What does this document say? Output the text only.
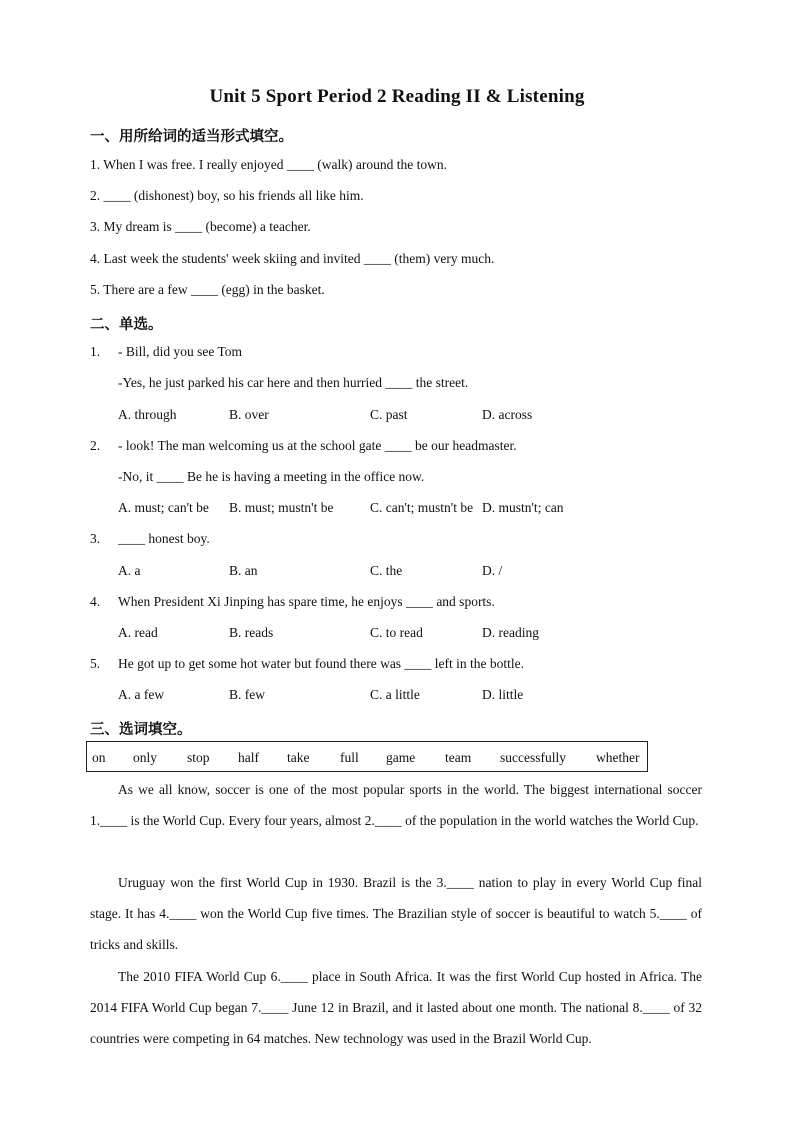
Unit 5 Sport Period 2 Reading II & Listening
一、用所给词的适当形式填空。
1. When I was free. I really enjoyed ____ (walk) around the town.
2. ____ (dishonest) boy, so his friends all like him.
3. My dream is ____ (become) a teacher.
4. Last week the students' week skiing and invited ____ (them) very much.
5. There are a few ____ (egg) in the basket.
二、单选。
1. - Bill, did you see Tom
-Yes, he just parked his car here and then hurried ____ the street.
A. through	B. over	C. past	D. across
2. - look! The man welcoming us at the school gate ____ be our headmaster.
-No, it ____ Be he is having a meeting in the office now.
A. must; can't be B. must; mustn't be	C. can't; mustn't be D. mustn't; can
3. ____ honest boy.
A. a	B. an	C. the	D. /
4. When President Xi Jinping has spare time, he enjoys ____ and sports.
A. read	B. reads	C. to read	D. reading
5. He got up to get some hot water but found there was ____ left in the bottle.
A. a few	B. few	C. a little	D. little
三、选词填空。
on only stop half take full game team successfully whether
As we all know, soccer is one of the most popular sports in the world. The biggest international soccer 1.____ is the World Cup. Every four years, almost 2.____ of the population in the world watches the World Cup.
Uruguay won the first World Cup in 1930. Brazil is the 3.____ nation to play in every World Cup final stage. It has 4.____ won the World Cup five times. The Brazilian style of soccer is beautiful to watch 5.____ of tricks and skills.
The 2010 FIFA World Cup 6.____ place in South Africa. It was the first World Cup hosted in Africa. The 2014 FIFA World Cup began 7.____ June 12 in Brazil, and it lasted about one month. The national 8.____ of 32 countries were competing in 64 matches. New technology was used in the Brazil World Cup.
